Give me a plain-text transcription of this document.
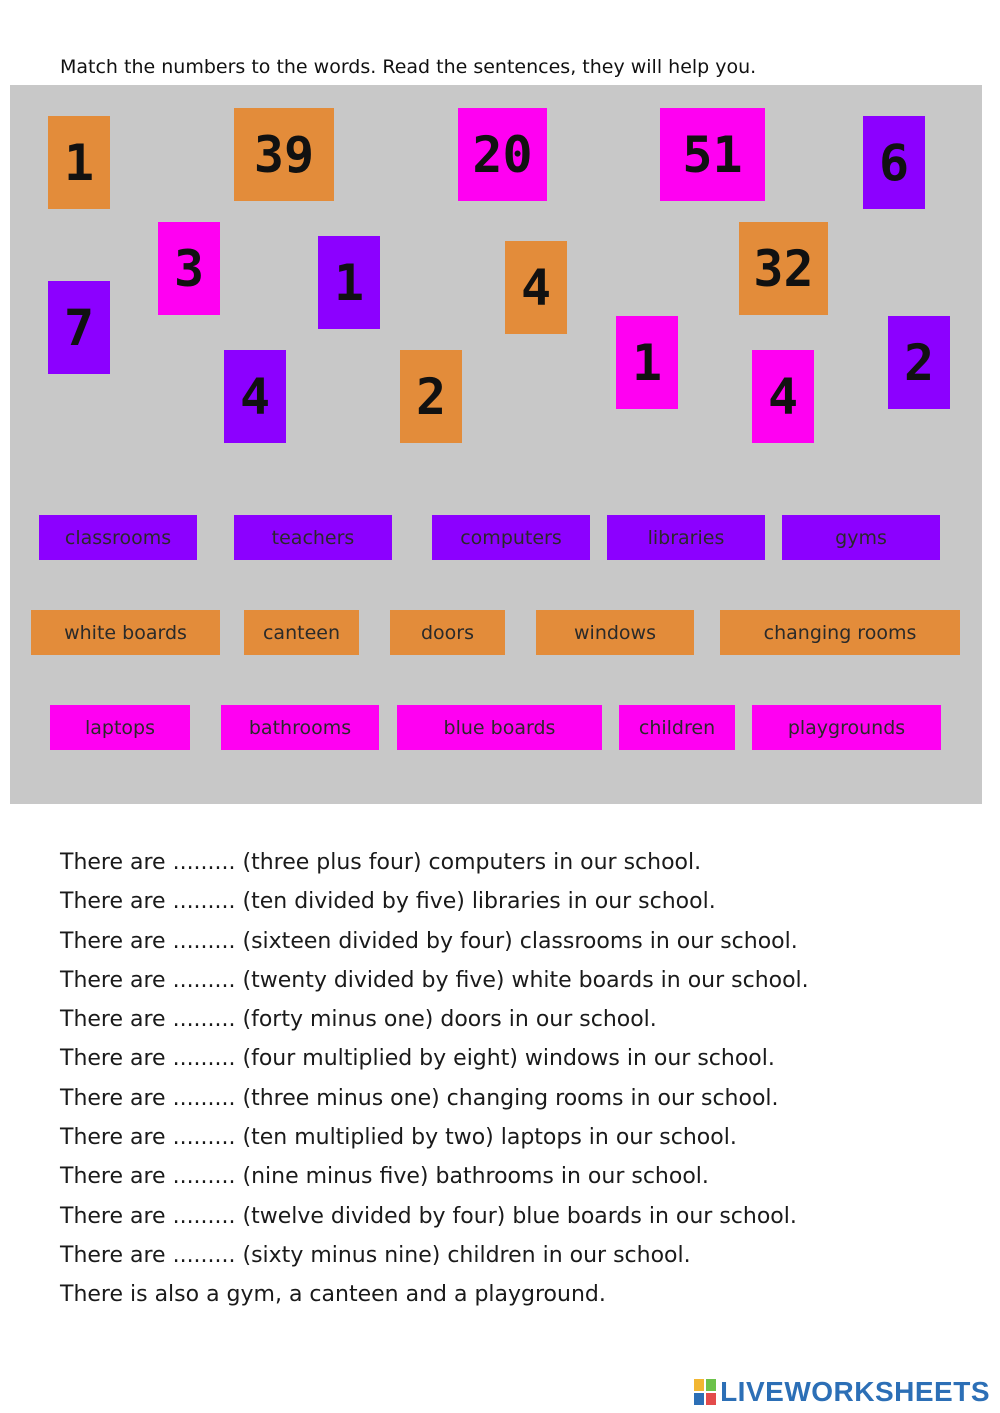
Match the numbers to the words. Read the sentences, they will help you.
1	39	20	51	6
3	1	4	32
7
1	2
4	2	4
classrooms	teachers	computers	libraries	gyms
white boards	canteen	doors	windows	changing rooms
laptops	bathrooms	blue boards	children	playgrounds
There are ......... (three plus four) computers in our school.
There are ......... (ten divided by five) libraries in our school.
There are ......... (sixteen divided by four) classrooms in our school.
There are ......... (twenty divided by five) white boards in our school.
There are ......... (forty minus one) doors in our school.
There are ......... (four multiplied by eight) windows in our school.
There are ......... (three minus one) changing rooms in our school.
There are ......... (ten multiplied by two) laptops in our school.
There are ......... (nine minus five) bathrooms in our school.
There are ......... (twelve divided by four) blue boards in our school.
There are ......... (sixty minus nine) children in our school.
There is also a gym, a canteen and a playground.
LIVEWORKSHEETS
